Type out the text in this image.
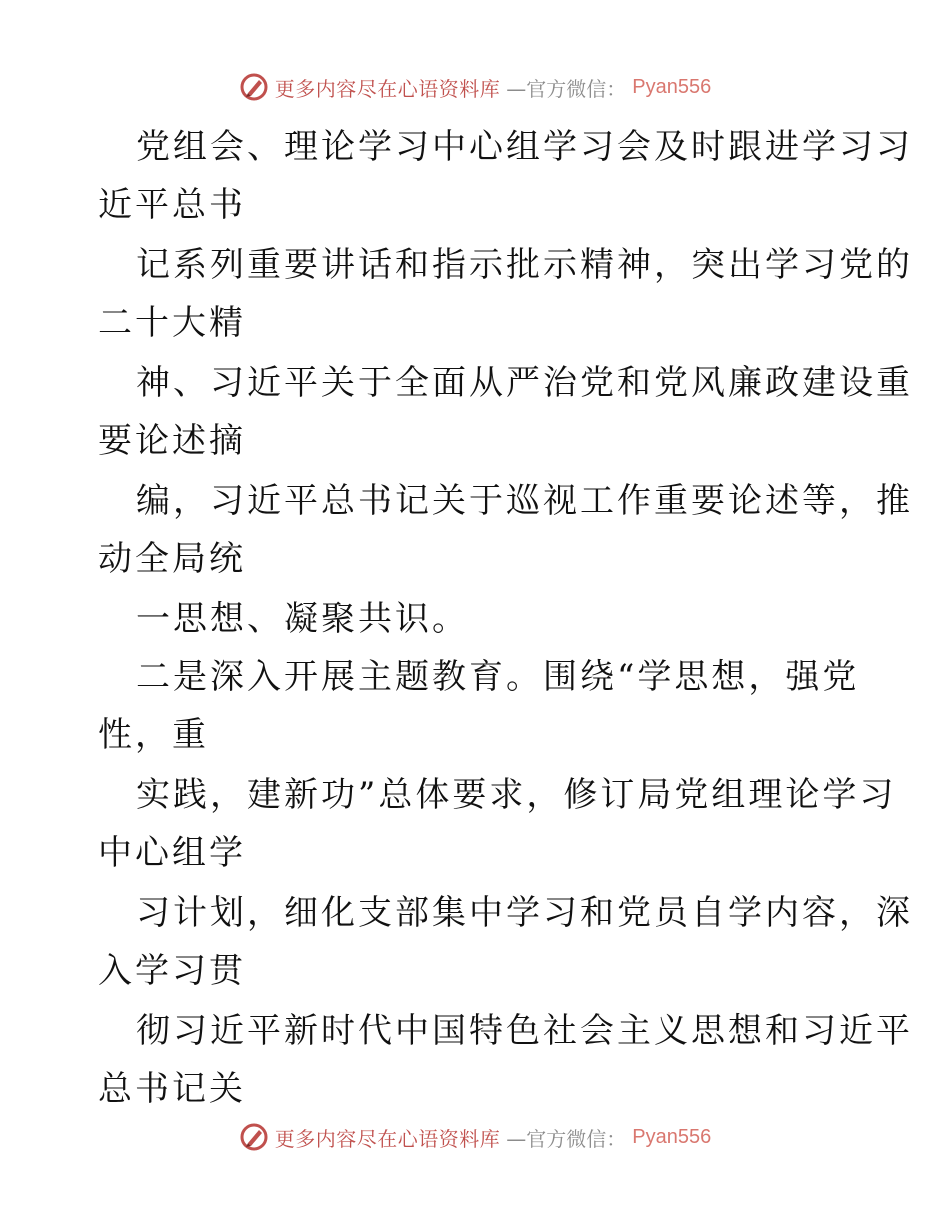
更多内容尽在心语资料库 —官方微信： Pyan556
党组会、理论学习中心组学习会及时跟进学习习
近平总书
记系列重要讲话和指示批示精神，突出学习党的
二十大精
神、习近平关于全面从严治党和党风廉政建设重
要论述摘
编，习近平总书记关于巡视工作重要论述等，推
动全局统
一思想、凝聚共识。
二是深入开展主题教育。围绕“学思想，强党
性，重
实践，建新功”总体要求，修订局党组理论学习
中心组学
习计划，细化支部集中学习和党员自学内容，深
入学习贯
彻习近平新时代中国特色社会主义思想和习近平
总书记关
更多内容尽在心语资料库 —官方微信： Pyan556
